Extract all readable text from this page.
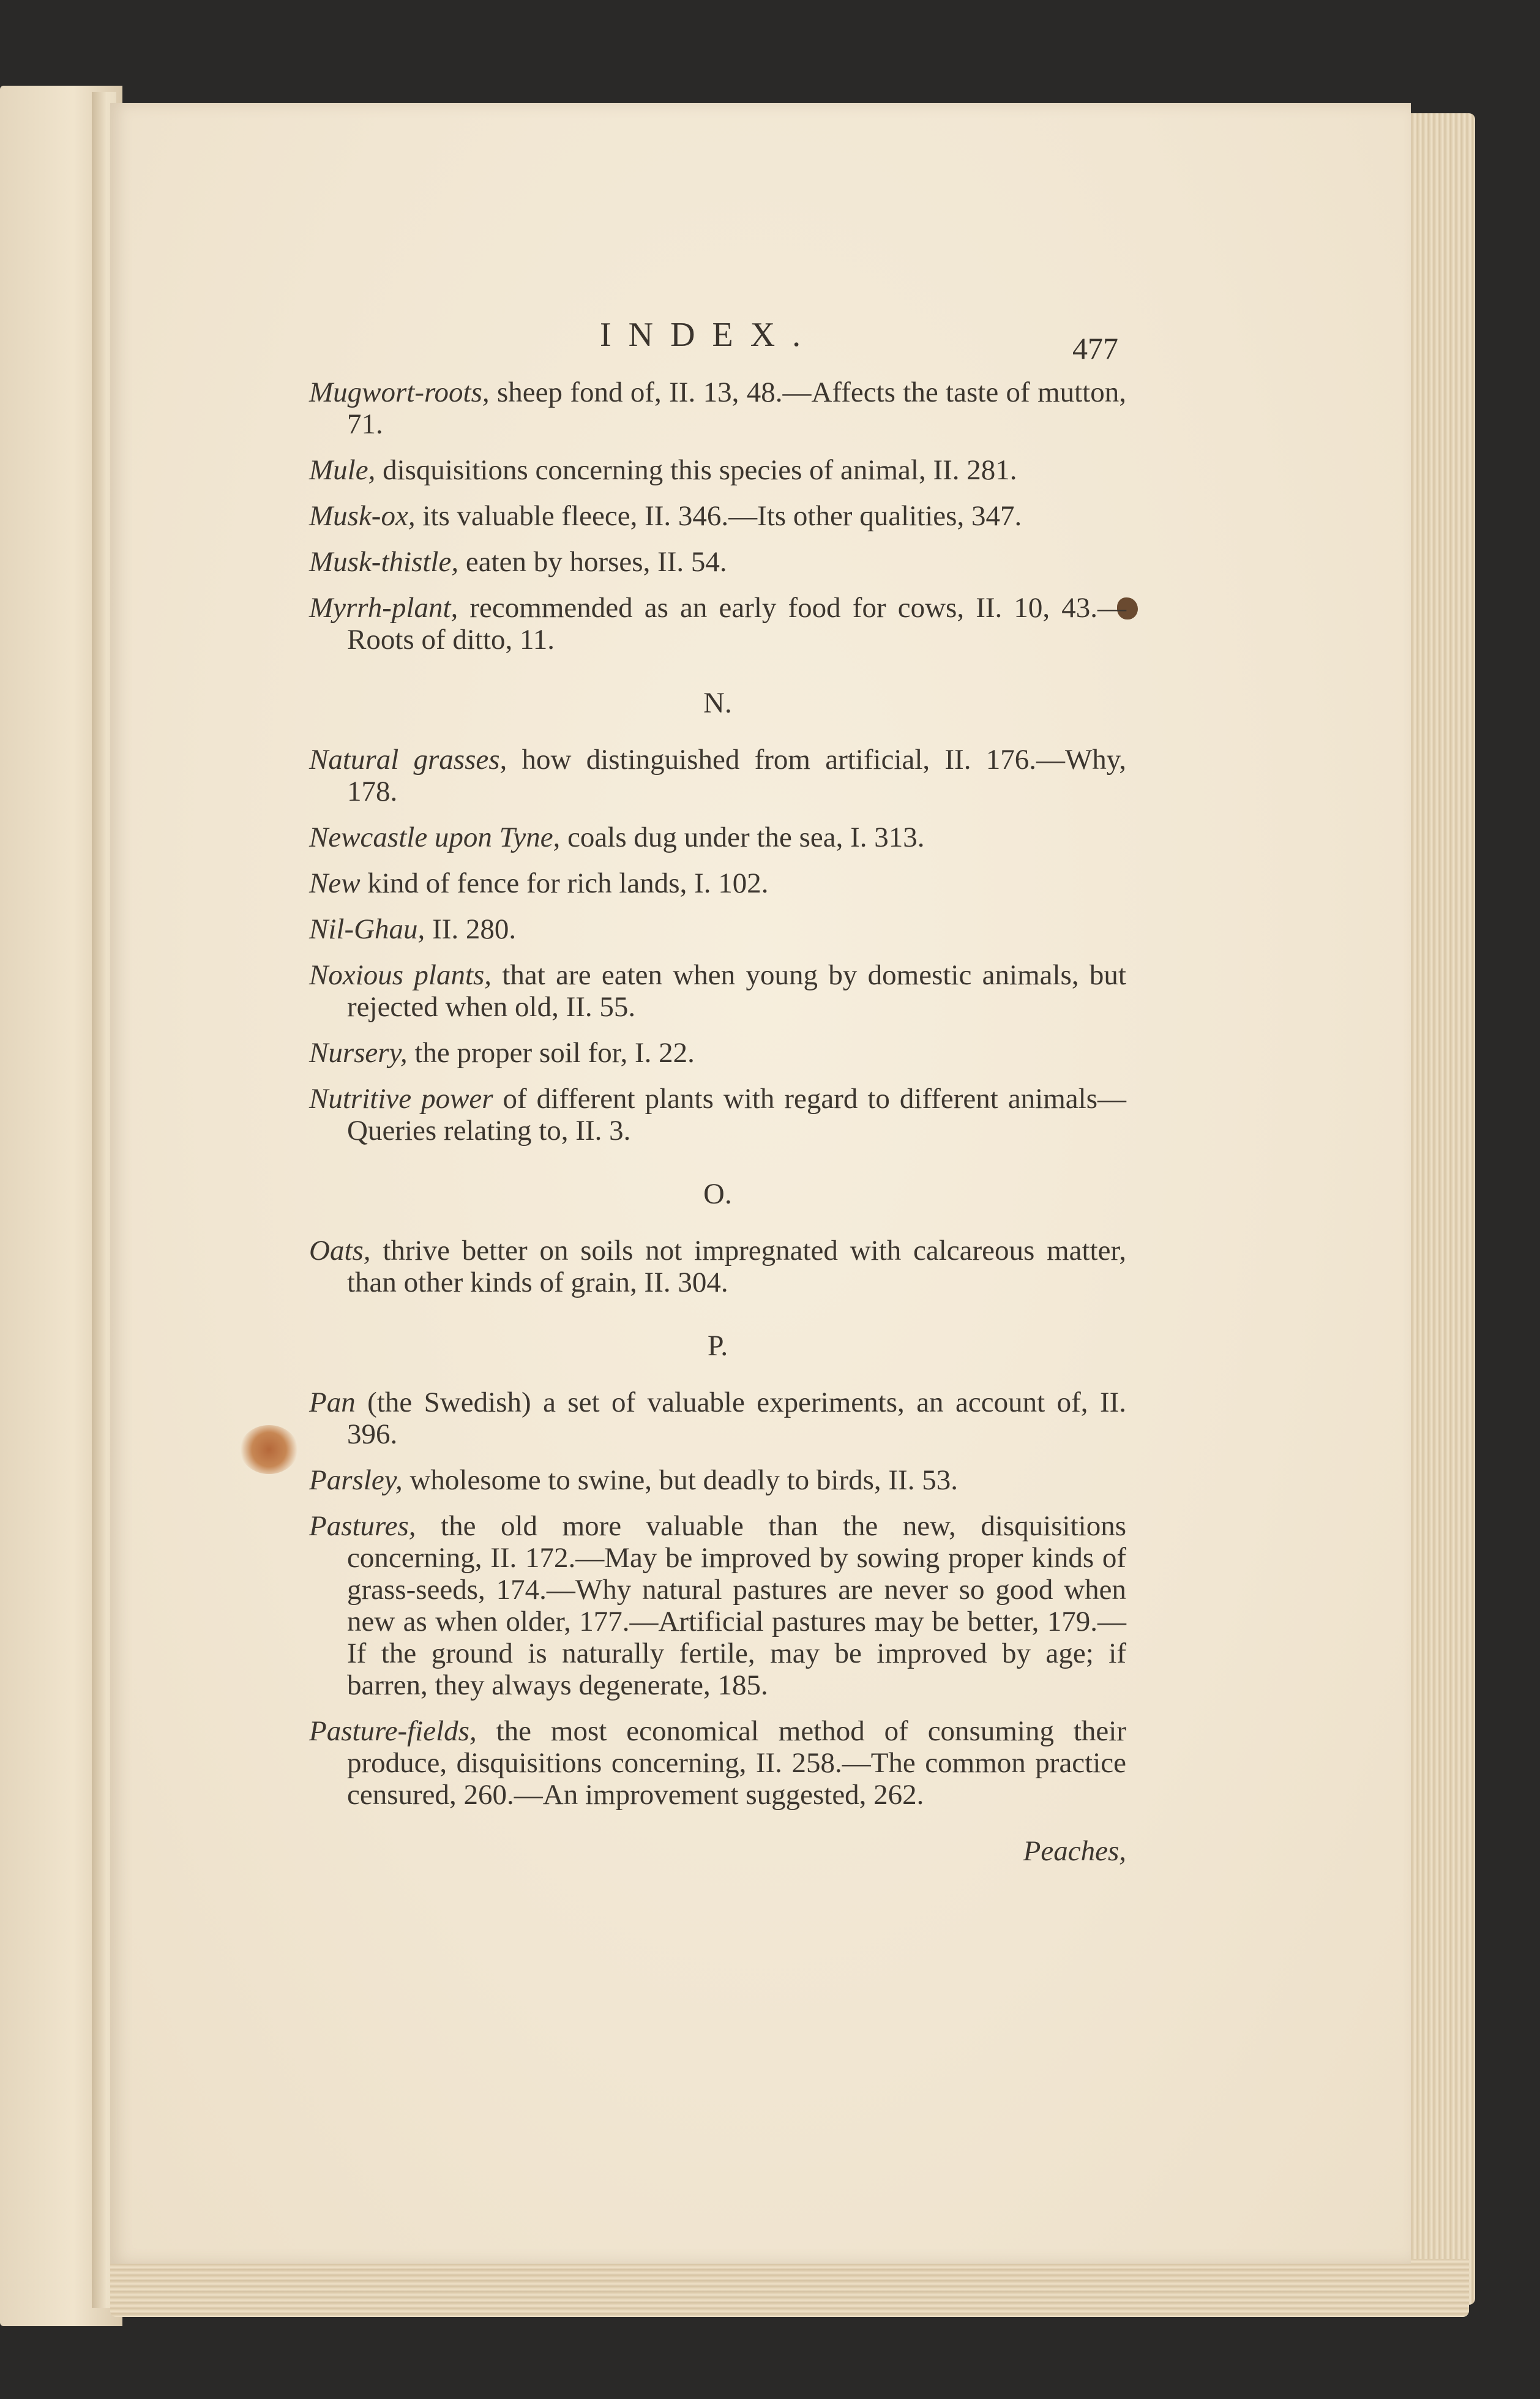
INDEX.	477

Mugwort-roots, sheep fond of, II. 13, 48.—Affects the taste of mutton, 71.

Mule, disquisitions concerning this species of animal, II. 281.

Musk-ox, its valuable fleece, II. 346.—Its other qualities, 347.

Musk-thistle, eaten by horses, II. 54.

Myrrh-plant, recommended as an early food for cows, II. 10, 43.—Roots of ditto, 11.

N.

Natural grasses, how distinguished from artificial, II. 176.—Why, 178.

Newcastle upon Tyne, coals dug under the sea, I. 313.

New kind of fence for rich lands, I. 102.

Nil-Ghau, II. 280.

Noxious plants, that are eaten when young by domestic animals, but rejected when old, II. 55.

Nursery, the proper soil for, I. 22.

Nutritive power of different plants with regard to different animals—Queries relating to, II. 3.

O.

Oats, thrive better on soils not impregnated with calcareous matter, than other kinds of grain, II. 304.

P.

Pan (the Swedish) a set of valuable experiments, an account of, II. 396.

Parsley, wholesome to swine, but deadly to birds, II. 53.

Pastures, the old more valuable than the new, disquisitions concerning, II. 172.—May be improved by sowing proper kinds of grass-seeds, 174.—Why natural pastures are never so good when new as when older, 177.—Artificial pastures may be better, 179.—If the ground is naturally fertile, may be improved by age; if barren, they always degenerate, 185.

Pasture-fields, the most economical method of consuming their produce, disquisitions concerning, II. 258.—The common practice censured, 260.—An improvement suggested, 262.

Peaches,
